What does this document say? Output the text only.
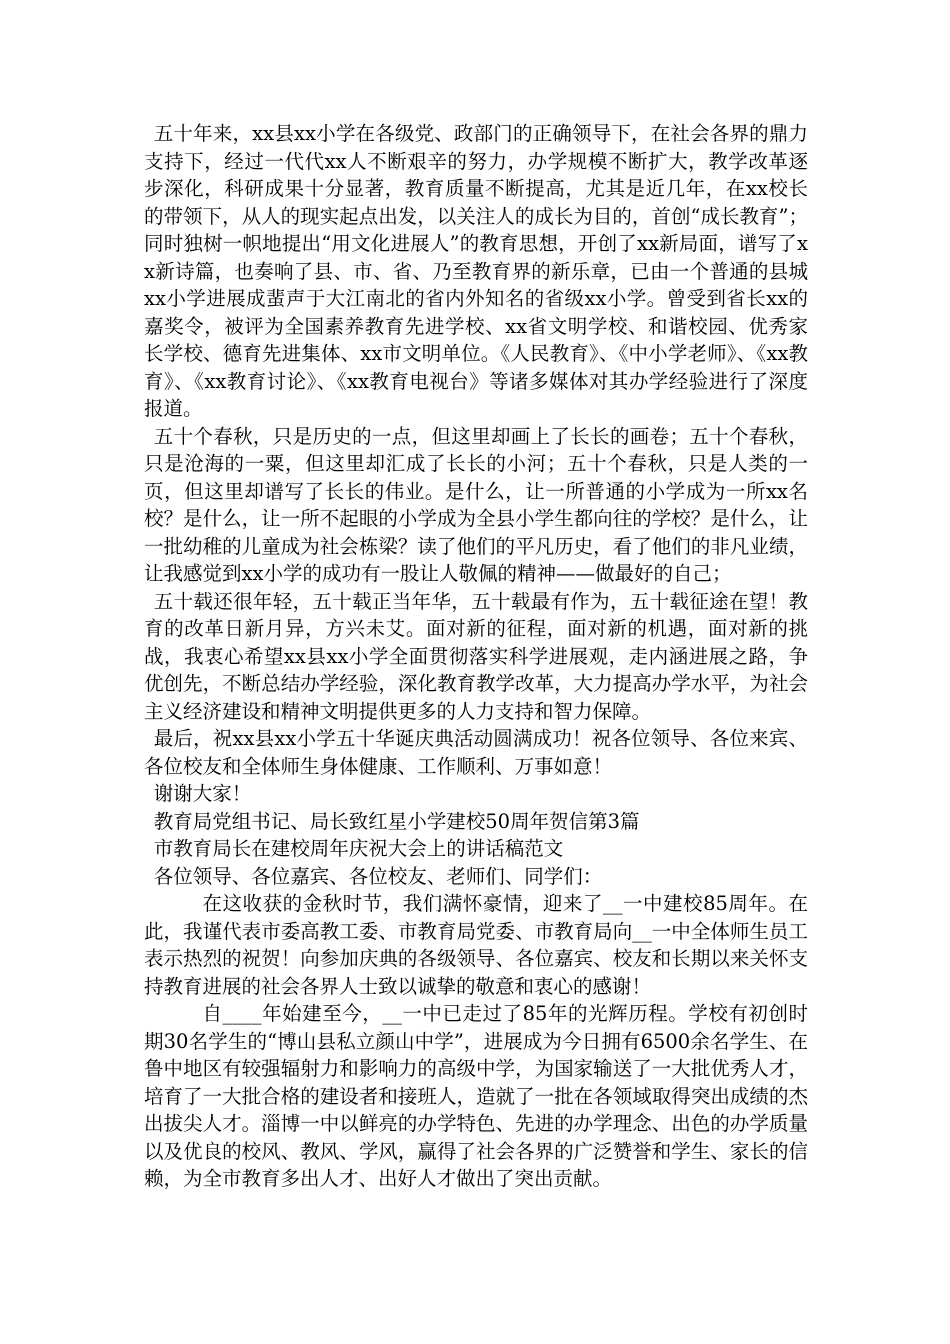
五十年来，xx县xx小学在各级党、政部门的正确领导下，在社会各界的鼎力支持下，经过一代代xx人不断艰辛的努力，办学规模不断扩大，教学改革逐步深化，科研成果十分显著，教育质量不断提高，尤其是近几年，在xx校长的带领下，从人的现实起点出发，以关注人的成长为目的，首创“成长教育”；同时独树一帜地提出“用文化进展人”的教育思想，开创了xx新局面，谱写了xx新诗篇，也奏响了县、市、省、乃至教育界的新乐章，已由一个普通的县城xx小学进展成蜚声于大江南北的省内外知名的省级xx小学。曾受到省长xx的嘉奖令，被评为全国素养教育先进学校、xx省文明学校、和谐校园、优秀家长学校、德育先进集体、xx市文明单位。《人民教育》、《中小学老师》、《xx教育》、《xx教育讨论》、《xx教育电视台》等诸多媒体对其办学经验进行了深度报道。

五十个春秋，只是历史的一点，但这里却画上了长长的画卷；五十个春秋，只是沧海的一粟，但这里却汇成了长长的小河；五十个春秋，只是人类的一页，但这里却谱写了长长的伟业。是什么，让一所普通的小学成为一所xx名校？是什么，让一所不起眼的小学成为全县小学生都向往的学校？是什么，让一批幼稚的儿童成为社会栋梁？读了他们的平凡历史，看了他们的非凡业绩，让我感觉到xx小学的成功有一股让人敬佩的精神——做最好的自己；

五十载还很年轻，五十载正当年华，五十载最有作为，五十载征途在望！教育的改革日新月异，方兴未艾。面对新的征程，面对新的机遇，面对新的挑战，我衷心希望xx县xx小学全面贯彻落实科学进展观，走内涵进展之路，争优创先，不断总结办学经验，深化教育教学改革，大力提高办学水平，为社会主义经济建设和精神文明提供更多的人力支持和智力保障。

最后，祝xx县xx小学五十华诞庆典活动圆满成功！祝各位领导、各位来宾、各位校友和全体师生身体健康、工作顺利、万事如意！

谢谢大家！

教育局党组书记、局长致红星小学建校50周年贺信第3篇

市教育局长在建校周年庆祝大会上的讲话稿范文

各位领导、各位嘉宾、各位校友、老师们、同学们：

在这收获的金秋时节，我们满怀豪情，迎来了__一中建校85周年。在此，我谨代表市委高教工委、市教育局党委、市教育局向__一中全体师生员工表示热烈的祝贺！向参加庆典的各级领导、各位嘉宾、校友和长期以来关怀支持教育进展的社会各界人士致以诚挚的敬意和衷心的感谢！

自____年始建至今，__一中已走过了85年的光辉历程。学校有初创时期30名学生的“博山县私立颜山中学”，进展成为今日拥有6500余名学生、在鲁中地区有较强辐射力和影响力的高级中学，为国家输送了一大批优秀人才，培育了一大批合格的建设者和接班人，造就了一批在各领域取得突出成绩的杰出拔尖人才。淄博一中以鲜亮的办学特色、先进的办学理念、出色的办学质量以及优良的校风、教风、学风，赢得了社会各界的广泛赞誉和学生、家长的信赖，为全市教育多出人才、出好人才做出了突出贡献。
